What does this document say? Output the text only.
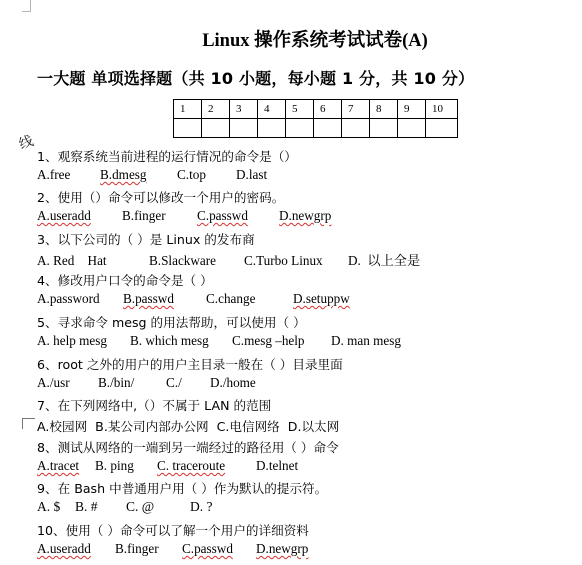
Linux 操作系统考试试卷(A)
一大题 单项选择题（共 10 小题，每小题 1 分，共 10 分）
1	2	3	4	5	6	7	8	9	10

线
1、观察系统当前进程的运行情况的命令是（）
A.free B.dmesg C.top D.last
2、使用（）命令可以修改一个用户的密码。
A.useradd B.finger C.passwd D.newgrp
3、以下公司的（ ）是 Linux 的发布商
A. Red    Hat	B.Slackware C.Turbo Linux D.  以上全是
4、修改用户口令的命令是（ ）
A.password B.passwd C.change	D.setuppw
5、寻求命令 mesg 的用法帮助，可以使用（ ）
A. help mesg B. which mesg C.mesg –help D. man mesg
6、root 之外的用户的用户主目录一般在（ ）目录里面
A./usr B./bin/ C./ D./home
7、在下列网络中,（）不属于 LAN 的范围
A.校园网  B.某公司内部办公网  C.电信网络  D.以太网
8、测试从网络的一端到另一端经过的路径用（ ）命令
A.tracet B. ping C. traceroute D.telnet
9、在 Bash 中普通用户用（ ）作为默认的提示符。
A. $ B. # C. @	D. ?
10、使用（ ）命令可以了解一个用户的详细资料
A.useradd B.finger C.passwd D.newgrp
